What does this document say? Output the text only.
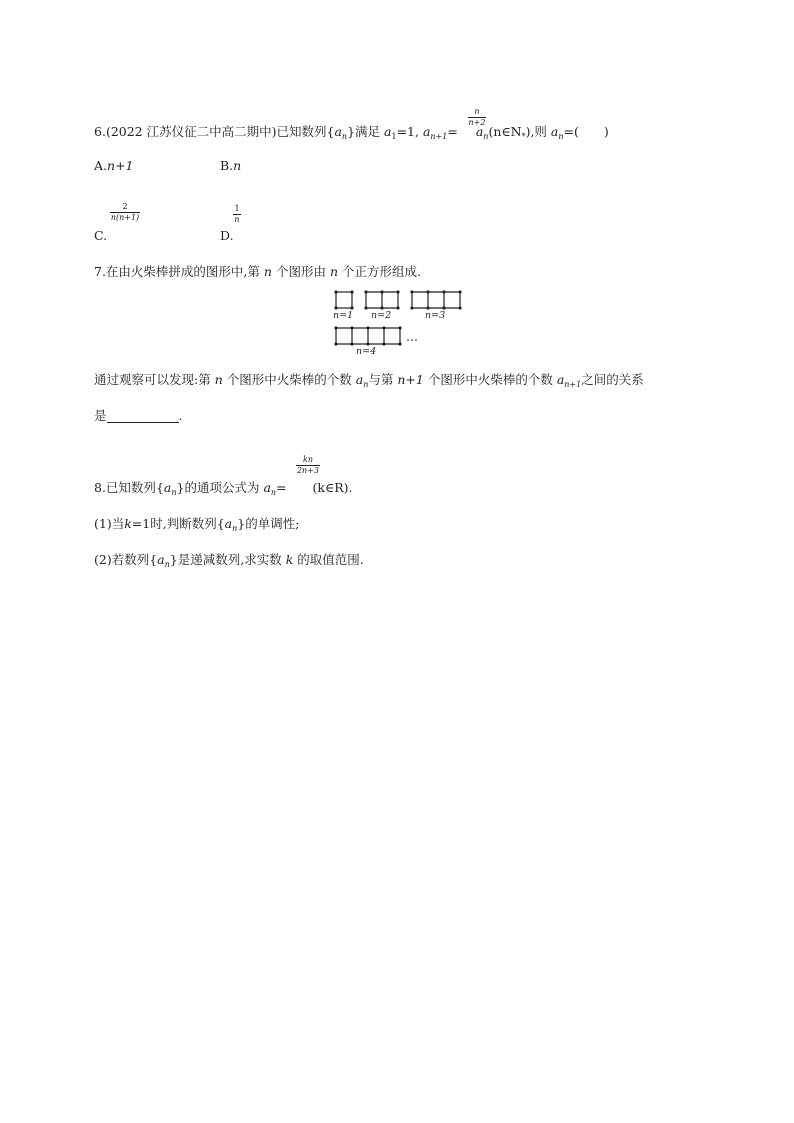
6.(2022 江苏仪征二中高二期中)已知数列$\{a_n\}$满足 $a_1=1$, $a_{n+1}=$ $a_n(n\in N_*)$,则 $a_n=$(　　)
n
n+2
A.n+1	B.n
2
n(n+1)
C.
1
n
D.
7.在由火柴棒拼成的图形中,第 n 个图形由 n 个正方形组成.
n=1 n=2	n=3
n=4
…
通过观察可以发现:第 n 个图形中火柴棒的个数 $a_n$与第 n+1 个图形中火柴棒的个数 $a_{n+1}$之间的关系
是	.
kn
2n+3
8.已知数列$\{a_n\}$的通项公式为 $a_n=$ (k∈R).
(1)当k=1时,判断数列$\{a_n\}$的单调性;
(2)若数列$\{a_n\}$是递减数列,求实数 k 的取值范围.
